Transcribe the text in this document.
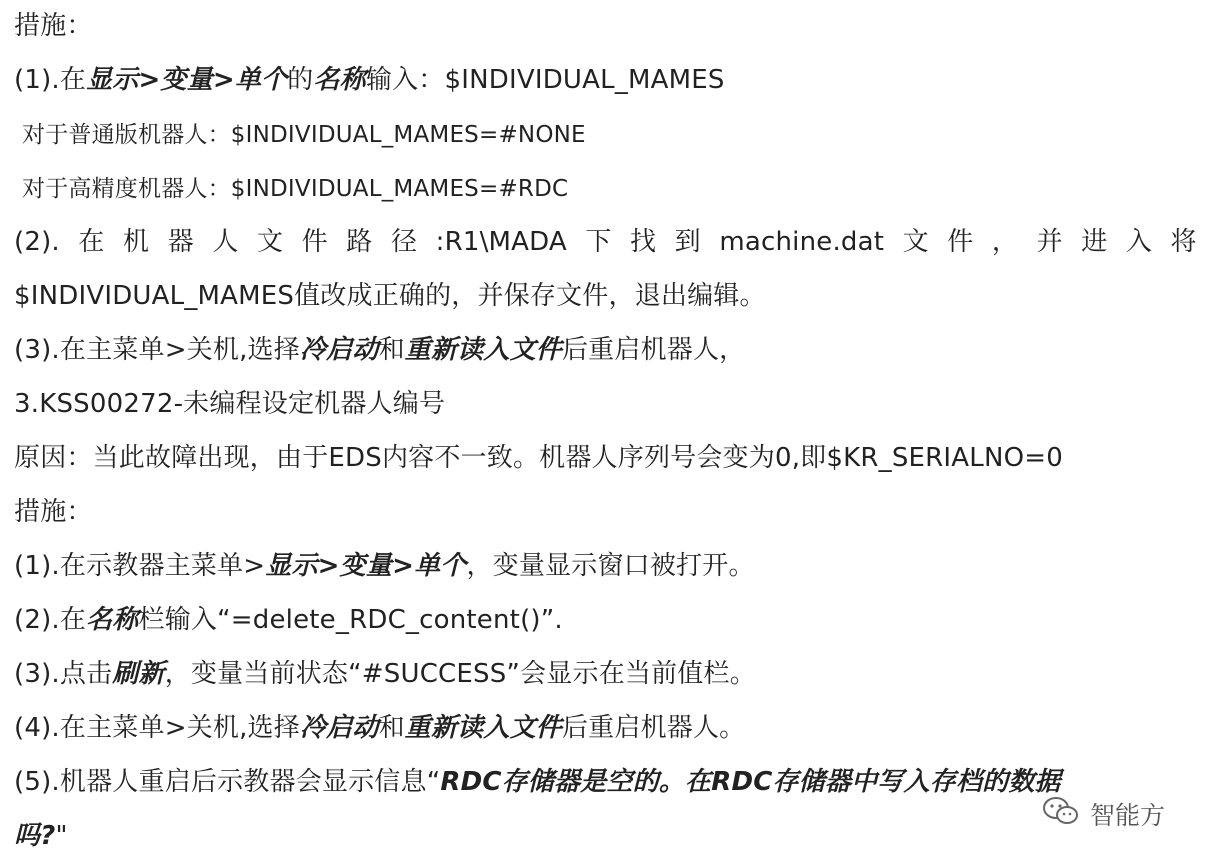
措施：
(1).在显示>变量>单个的名称输入：$INDIVIDUAL_MAMES
对于普通版机器人：$INDIVIDUAL_MAMES=#NONE
对于高精度机器人：$INDIVIDUAL_MAMES=#RDC
(2). 在 机 器 人 文 件 路 径 :R1\MADA 下 找 到 machine.dat 文 件 ， 并 进 入 将
$INDIVIDUAL_MAMES值改成正确的，并保存文件，退出编辑。
(3).在主菜单>关机,选择冷启动和重新读入文件后重启机器人，
3.KSS00272-未编程设定机器人编号
原因：当此故障出现，由于EDS内容不一致。机器人序列号会变为0,即$KR_SERIALNO=0
措施：
(1).在示教器主菜单>显示>变量>单个，变量显示窗口被打开。
(2).在名称栏输入“=delete_RDC_content()”.
(3).点击刷新，变量当前状态“#SUCCESS”会显示在当前值栏。
(4).在主菜单>关机,选择冷启动和重新读入文件后重启机器人。
(5).机器人重启后示教器会显示信息“RDC存储器是空的。在RDC存储器中写入存档的数据
吗?"
智能方
